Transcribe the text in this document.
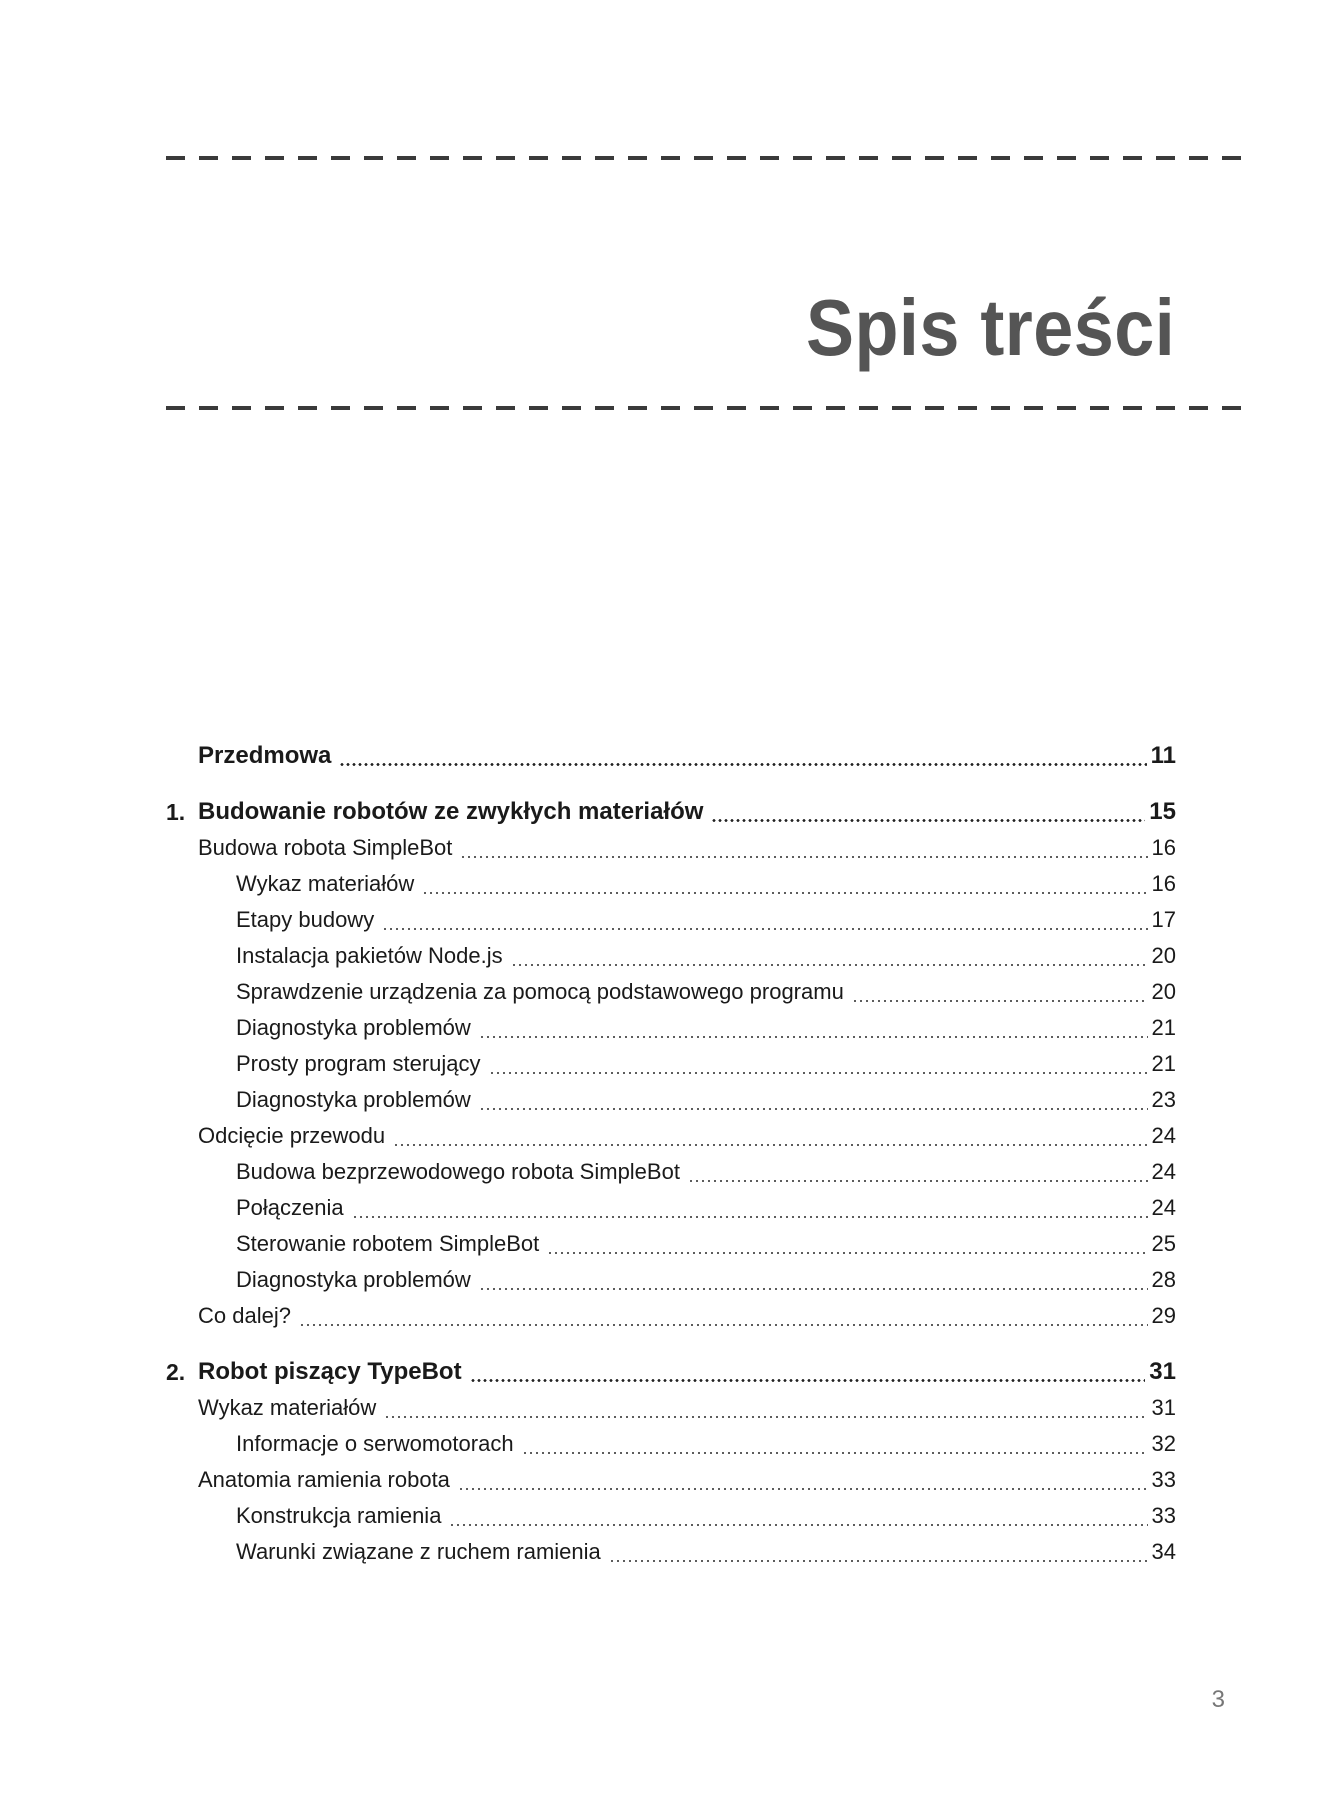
Spis treści
Przedmowa	11
1. Budowanie robotów ze zwykłych materiałów	15
Budowa robota SimpleBot	16
Wykaz materiałów	16
Etapy budowy	17
Instalacja pakietów Node.js	20
Sprawdzenie urządzenia za pomocą podstawowego programu	20
Diagnostyka problemów	21
Prosty program sterujący	21
Diagnostyka problemów	23
Odcięcie przewodu	24
Budowa bezprzewodowego robota SimpleBot	24
Połączenia	24
Sterowanie robotem SimpleBot	25
Diagnostyka problemów	28
Co dalej?	29
2. Robot piszący TypeBot	31
Wykaz materiałów	31
Informacje o serwomotorach	32
Anatomia ramienia robota	33
Konstrukcja ramienia	33
Warunki związane z ruchem ramienia	34
3
